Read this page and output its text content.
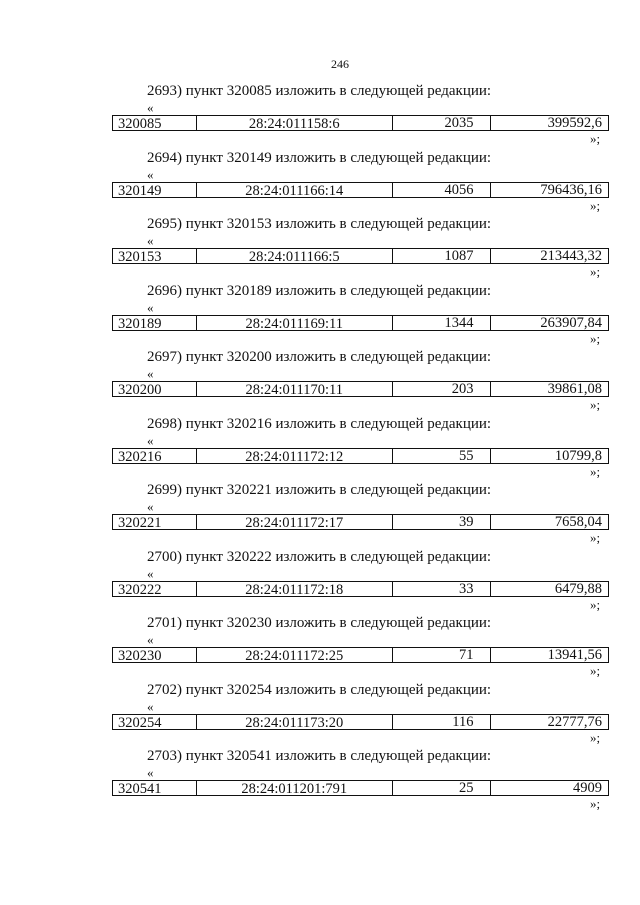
246
2693) пункт 320085 изложить в следующей редакции:
«
320085	28:24:011158:6	2035	399592,6
»;
2694) пункт 320149 изложить в следующей редакции:
«
320149	28:24:011166:14	4056	796436,16
»;
2695) пункт 320153 изложить в следующей редакции:
«
320153	28:24:011166:5	1087	213443,32
»;
2696) пункт 320189 изложить в следующей редакции:
«
320189	28:24:011169:11	1344	263907,84
»;
2697) пункт 320200 изложить в следующей редакции:
«
320200	28:24:011170:11	203	39861,08
»;
2698) пункт 320216 изложить в следующей редакции:
«
320216	28:24:011172:12	55	10799,8
»;
2699) пункт 320221 изложить в следующей редакции:
«
320221	28:24:011172:17	39	7658,04
»;
2700) пункт 320222 изложить в следующей редакции:
«
320222	28:24:011172:18	33	6479,88
»;
2701) пункт 320230 изложить в следующей редакции:
«
320230	28:24:011172:25	71	13941,56
»;
2702) пункт 320254 изложить в следующей редакции:
«
320254	28:24:011173:20	116	22777,76
»;
2703) пункт 320541 изложить в следующей редакции:
«
320541	28:24:011201:791	25	4909
»;
